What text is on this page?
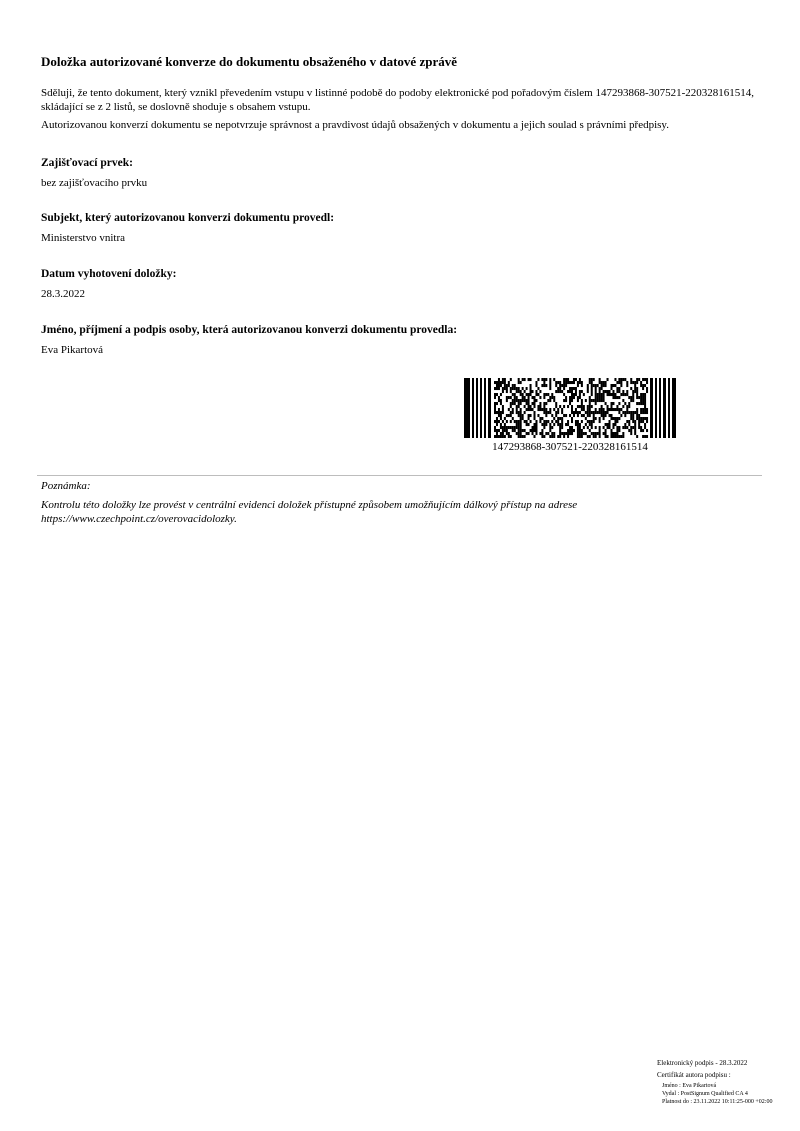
Doložka autorizované konverze do dokumentu obsaženého v datové zprávě

Sděluji, že tento dokument, který vznikl převedením vstupu v listinné podobě do podoby elektronické pod pořadovým číslem 147293868-307521-220328161514, skládající se z 2 listů, se doslovně shoduje s obsahem vstupu.

Autorizovanou konverzí dokumentu se nepotvrzuje správnost a pravdivost údajů obsažených v dokumentu a jejich soulad s právními předpisy.

Zajišťovací prvek:
bez zajišťovacího prvku
Subjekt, který autorizovanou konverzi dokumentu provedl:
Ministerstvo vnitra
Datum vyhotovení doložky:
28.3.2022
Jméno, příjmení a podpis osoby, která autorizovanou konverzi dokumentu provedla:
Eva Pikartová
147293868-307521-220328161514
Poznámka:
Kontrolu této doložky lze provést v centrální evidenci doložek přístupné způsobem umožňujícím dálkový přístup na adrese https://www.czechpoint.cz/overovacidolozky.
Elektronický podpis - 28.3.2022
Certifikát autora podpisu :
Jméno : Eva Pikartová
Vydal : PostSignum Qualified CA 4
Platnost do : 23.11.2022 10:11:25-000 +02:00
